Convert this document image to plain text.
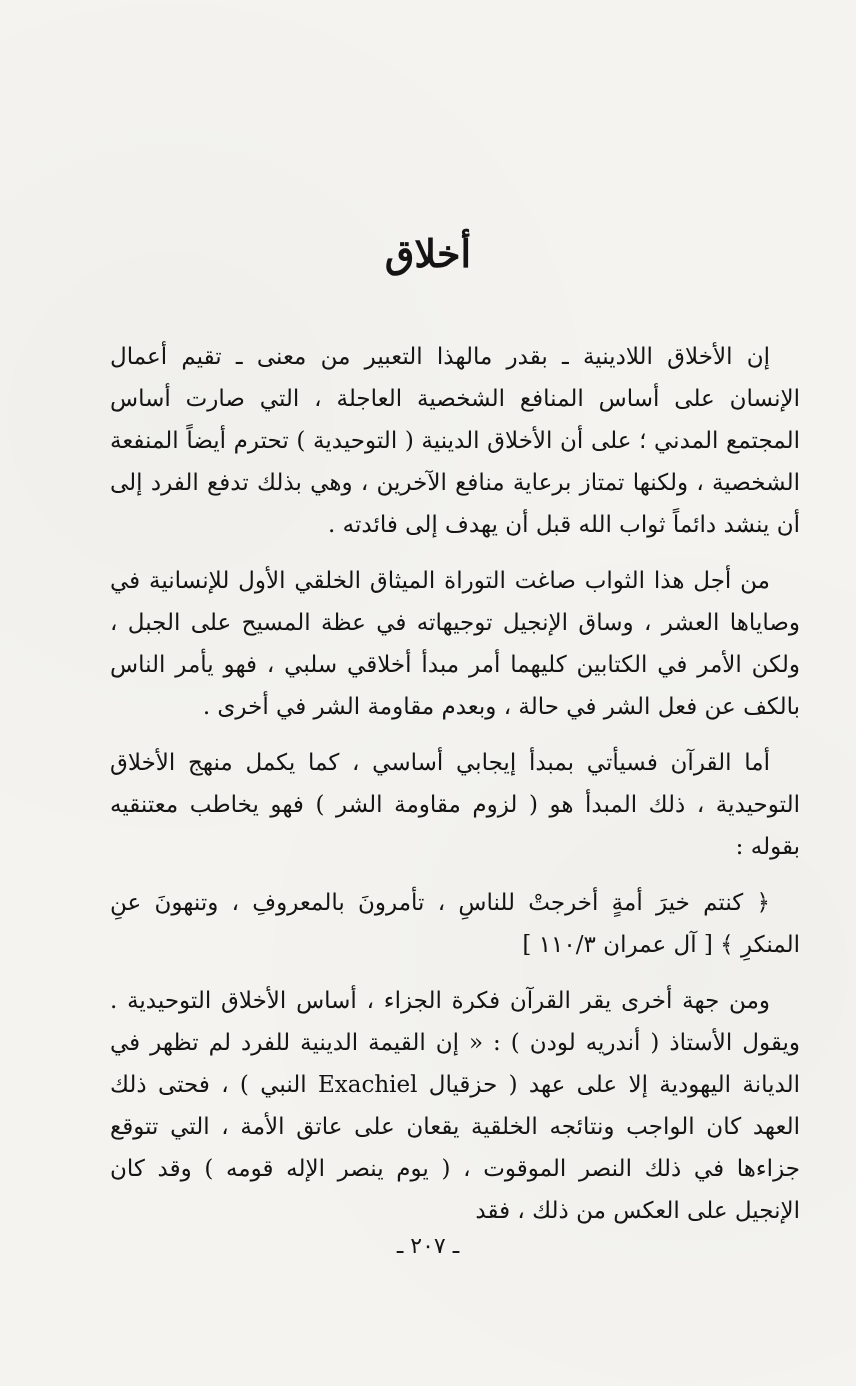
أخلاق

إن الأخلاق اللادينية ـ بقدر مالهذا التعبير من معنى ـ تقيم أعمال الإنسان على أساس المنافع الشخصية العاجلة ، التي صارت أساس المجتمع المدني ؛ على أن الأخلاق الدينية ( التوحيدية ) تحترم أيضاً المنفعة الشخصية ، ولكنها تمتاز برعاية منافع الآخرين ، وهي بذلك تدفع الفرد إلى أن ينشد دائماً ثواب الله قبل أن يهدف إلى فائدته .

من أجل هذا الثواب صاغت التوراة الميثاق الخلقي الأول للإنسانية في وصاياها العشر ، وساق الإنجيل توجيهاته في عظة المسيح على الجبل ، ولكن الأمر في الكتابين كليهما أمر مبدأ أخلاقي سلبي ، فهو يأمر الناس بالكف عن فعل الشر في حالة ، وبعدم مقاومة الشر في أخرى .

أما القرآن فسيأتي بمبدأ إيجابي أساسي ، كما يكمل منهج الأخلاق التوحيدية ، ذلك المبدأ هو ( لزوم مقاومة الشر ) فهو يخاطب معتنقيه بقوله :

﴿ كنتم خيرَ أمةٍ أخرجتْ للناسِ ، تأمرونَ بالمعروفِ ، وتنهونَ عنِ المنكرِ ﴾ [ آل عمران ١١٠/٣ ]

ومن جهة أخرى يقر القرآن فكرة الجزاء ، أساس الأخلاق التوحيدية . ويقول الأستاذ ( أندريه لودن ) : « إن القيمة الدينية للفرد لم تظهر في الديانة اليهودية إلا على عهد ( حزقيال Exachiel النبي ) ، فحتى ذلك العهد كان الواجب ونتائجه الخلقية يقعان على عاتق الأمة ، التي تتوقع جزاءها في ذلك النصر الموقوت ، ( يوم ينصر الإله قومه ) وقد كان الإنجيل على العكس من ذلك ، فقد

ـ ٢٠٧ ـ
